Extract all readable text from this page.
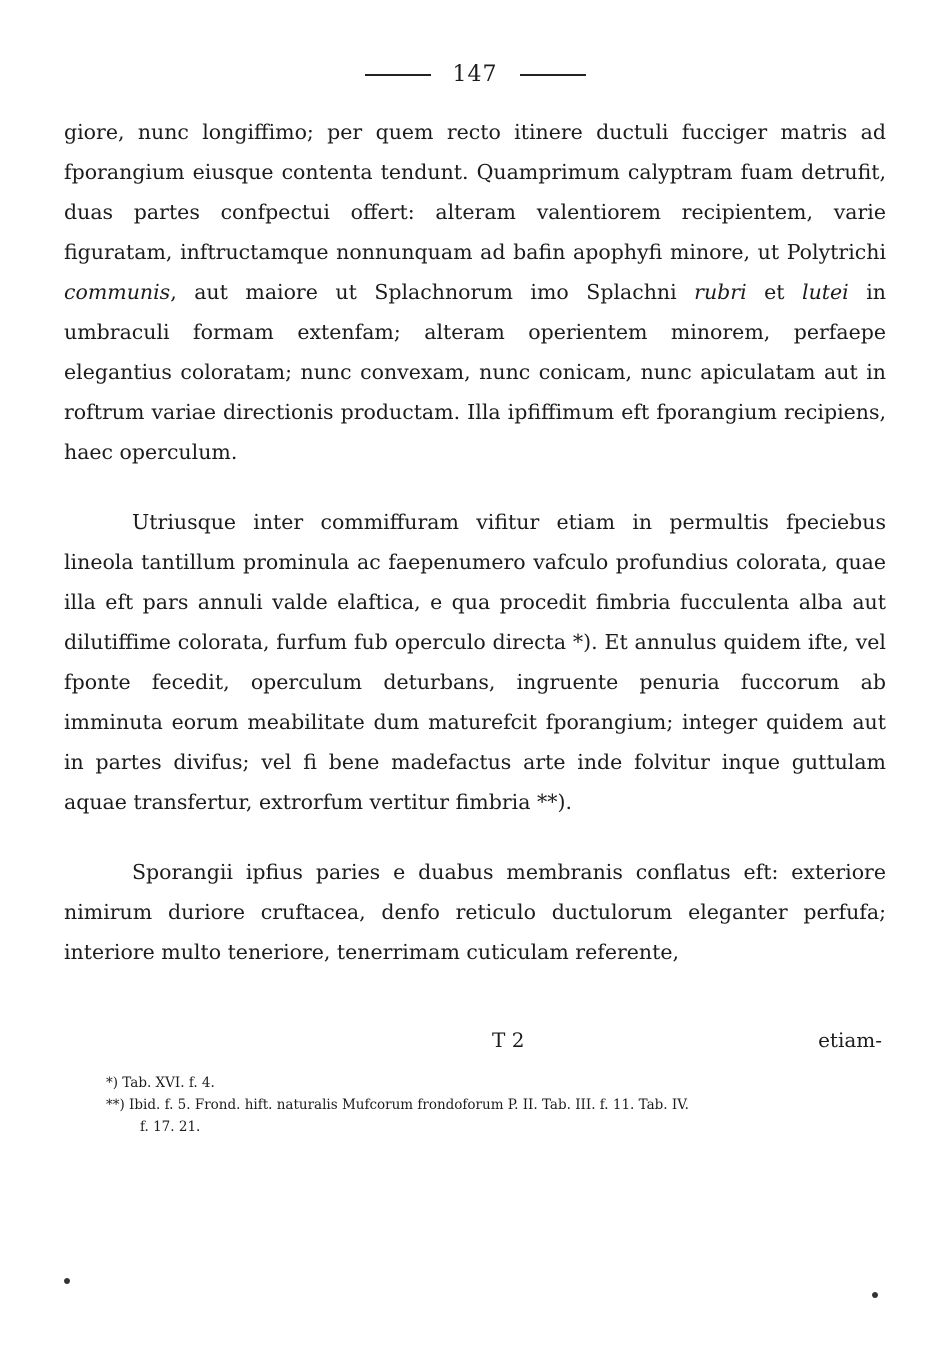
147

giore, nunc longiffimo; per quem recto itinere ductuli fucciger matris ad fporangium eiusque contenta tendunt. Quamprimum calyptram fuam detrufit, duas partes confpectui offert: alteram valentiorem recipientem, varie figuratam, inftructamque nonnunquam ad bafin apophyfi minore, ut Polytrichi communis, aut maiore ut Splachnorum imo Splachni rubri et lutei in umbraculi formam extenfam; alteram operientem minorem, perfaepe elegantius coloratam; nunc convexam, nunc conicam, nunc apiculatam aut in roftrum variae directionis productam. Illa ipfiffimum eft fporangium recipiens, haec operculum.

Utriusque inter commiffuram vifitur etiam in permultis fpeciebus lineola tantillum prominula ac faepenumero vafculo profundius colorata, quae illa eft pars annuli valde elaftica, e qua procedit fimbria fucculenta alba aut dilutiffime colorata, furfum fub operculo directa *). Et annulus quidem ifte, vel fponte fecedit, operculum deturbans, ingruente penuria fuccorum ab imminuta eorum meabilitate dum maturefcit fporangium; integer quidem aut in partes divifus; vel fi bene madefactus arte inde folvitur inque guttulam aquae transfertur, extrorfum vertitur fimbria **).

Sporangii ipfius paries e duabus membranis conflatus eft: exteriore nimirum duriore cruftacea, denfo reticulo ductulorum eleganter perfufa; interiore multo teneriore, tenerrimam cuticulam referente,

T 2	etiam-

*) Tab. XVI. f. 4.

**) Ibid. f. 5. Frond. hift. naturalis Mufcorum frondoforum P. II. Tab. III. f. 11. Tab. IV.

f. 17. 21.
